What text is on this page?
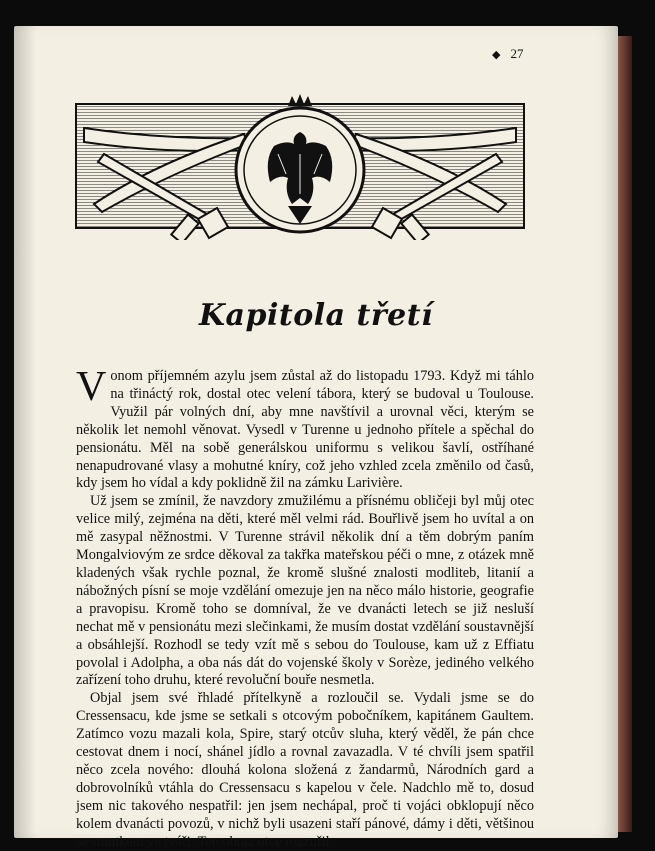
◆ 27
Kapitola třetí

Vonom příjemném azylu jsem zůstal až do listopadu 1793. Když mi táhlo na třináctý rok, dostal otec velení tábora, který se budoval u Toulouse. Využil pár volných dní, aby mne navštívil a urovnal věci, kterým se několik let nemohl věnovat. Vysedl v Turenne u jednoho přítele a spěchal do pensionátu. Měl na sobě generálskou uniformu s velikou šavlí, ostříhané nenapudrované vlasy a mohutné kníry, což jeho vzhled zcela změnilo od časů, kdy jsem ho vídal a kdy poklidně žil na zámku Larivière.

Už jsem se zmínil, že navzdory zmužilému a přísnému obličeji byl můj otec velice milý, zejména na děti, které měl velmi rád. Bouřlivě jsem ho uvítal a on mě zasypal něžnostmi. V Turenne strávil několik dní a těm dobrým paním Mongalviovým ze srdce děkoval za takřka mateřskou péči o mne, z otázek mně kladených však rychle poznal, že kromě slušné znalosti modliteb, litanií a nábožných písní se moje vzdělání omezuje jen na něco málo historie, geografie a pravopisu. Kromě toho se domníval, že ve dvanácti letech se již nesluší nechat mě v pensionátu mezi slečinkami, že musím dostat vzdělání soustavnější a obsáhlejší. Rozhodl se tedy vzít mě s sebou do Toulouse, kam už z Effiatu povolal i Adolpha, a oba nás dát do vojenské školy v Sorèze, jediného velkého zařízení toho druhu, které revoluční bouře nesmetla.

Objal jsem své řhladé přítelkyně a rozloučil se. Vydali jsme se do Cressensacu, kde jsme se setkali s otcovým pobočníkem, kapitánem Gaultem. Zatímco vozu mazali kola, Spire, starý otcův sluha, který věděl, že pán chce cestovat dnem i nocí, shánel jídlo a rovnal zavazadla. V té chvíli jsem spatřil něco zcela nového: dlouhá kolona složená z žandarmů, Národních gard a dobrovolníků vtáhla do Cressensacu s kapelou v čele. Nadchlo mě to, dosud jsem nic takového nespatřil: jen jsem nechápal, proč ti vojáci obklopují něco kolem dvanácti povozů, v nichž byli usazeni staří pánové, dámy i děti, většinou se smutkem ve tváři. Ten obraz otce rozzuřil.
